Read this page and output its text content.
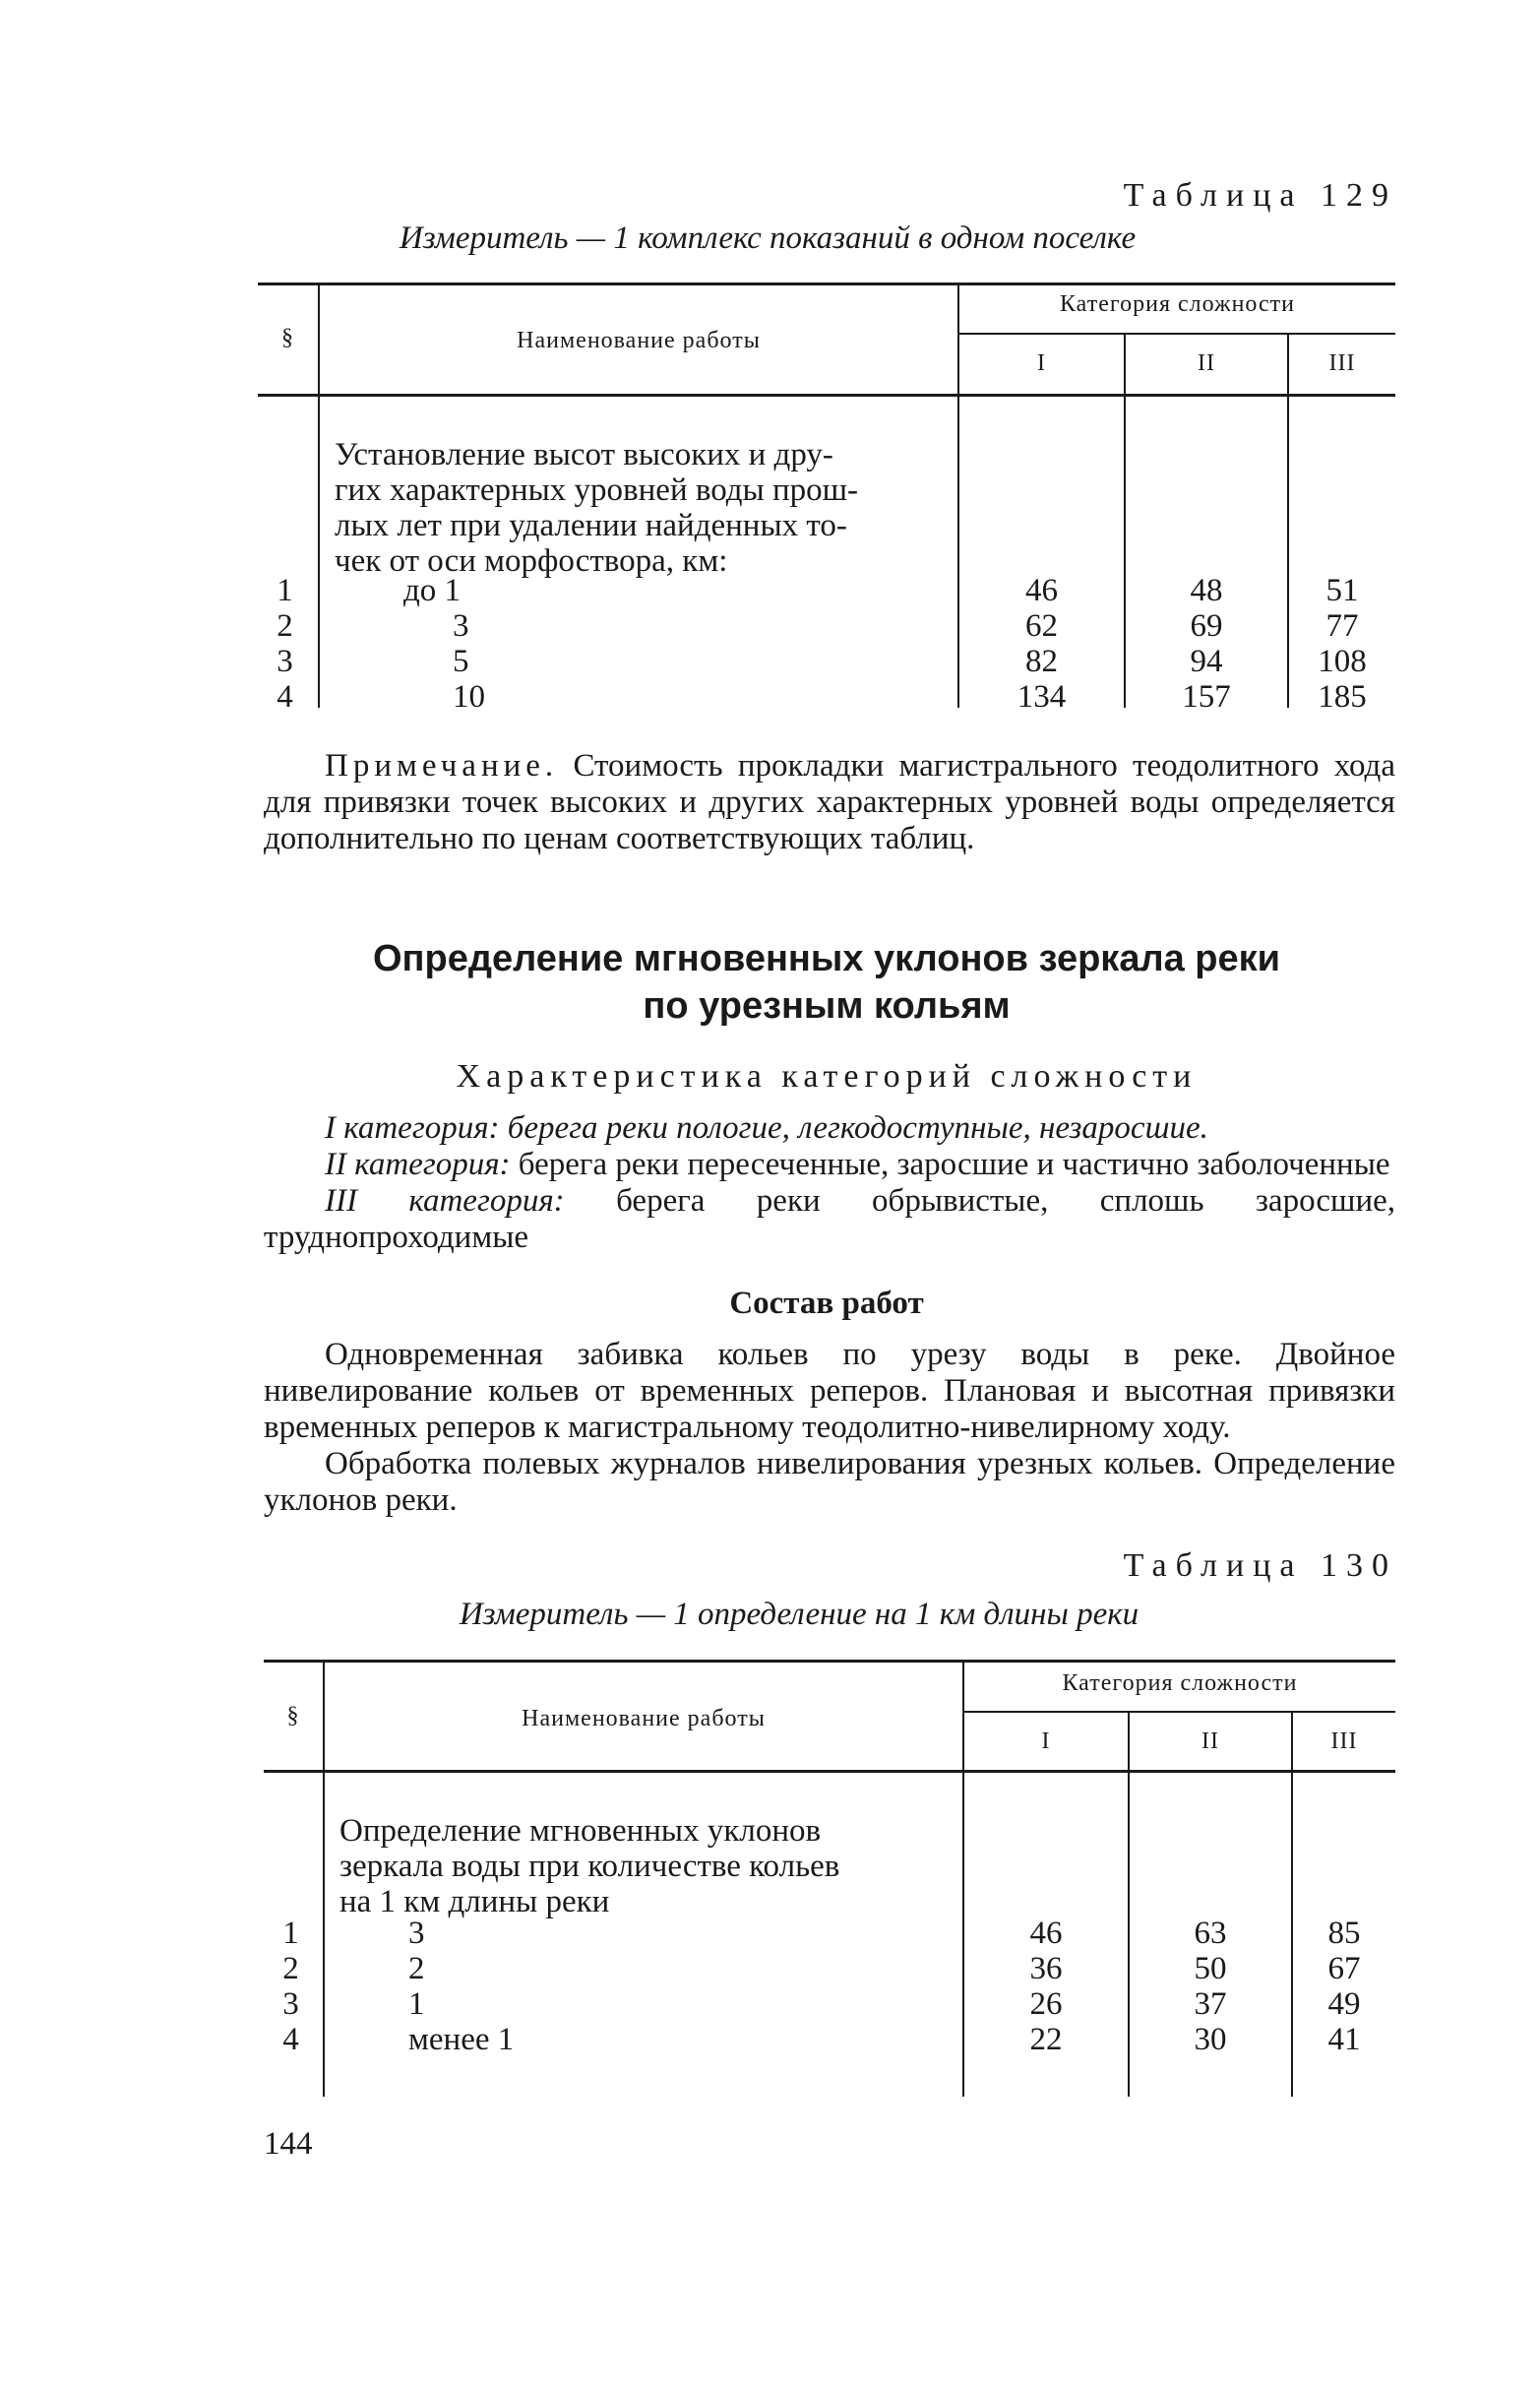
Таблица 129
Измеритель — 1 комплекс показаний в одном поселке
§	Наименование работы
Категория сложности
I	II	III
Установление высот высоких и дру-
гих характерных уровней воды прош-
лых лет при удалении найденных то-
чек от оси морфоствора, км:
1	до 1	46	48	51
2	3	62	69	77
3	5	82	94	108
4	10	134	157	185
Примечание. Стоимость прокладки магистрального теодолитного хода для привязки точек высоких и других характерных уровней воды определяется дополнительно по ценам соответствующих таблиц.
Определение мгновенных уклонов зеркала реки
по урезным кольям
Характеристика категорий сложности
I категория: берега реки пологие, легкодоступные, незаросшие.
II категория: берега реки пересеченные, заросшие и частично заболоченные
III категория: берега реки обрывистые, сплошь заросшие, труднопроходимые
Состав работ
Одновременная забивка кольев по урезу воды в реке. Двойное нивелирование кольев от временных реперов. Плановая и высотная привязки временных реперов к магистральному теодолитно-нивелирному ходу.
Обработка полевых журналов нивелирования урезных кольев. Определение уклонов реки.
Таблица 130
Измеритель — 1 определение на 1 км длины реки
§	Наименование работы
Категория сложности
I	II	III
Определение мгновенных уклонов
зеркала воды при количестве кольев
на 1 км длины реки
1	3	46	63	85
2	2	36	50	67
3	1	26	37	49
4	менее 1	22	30	41
144
